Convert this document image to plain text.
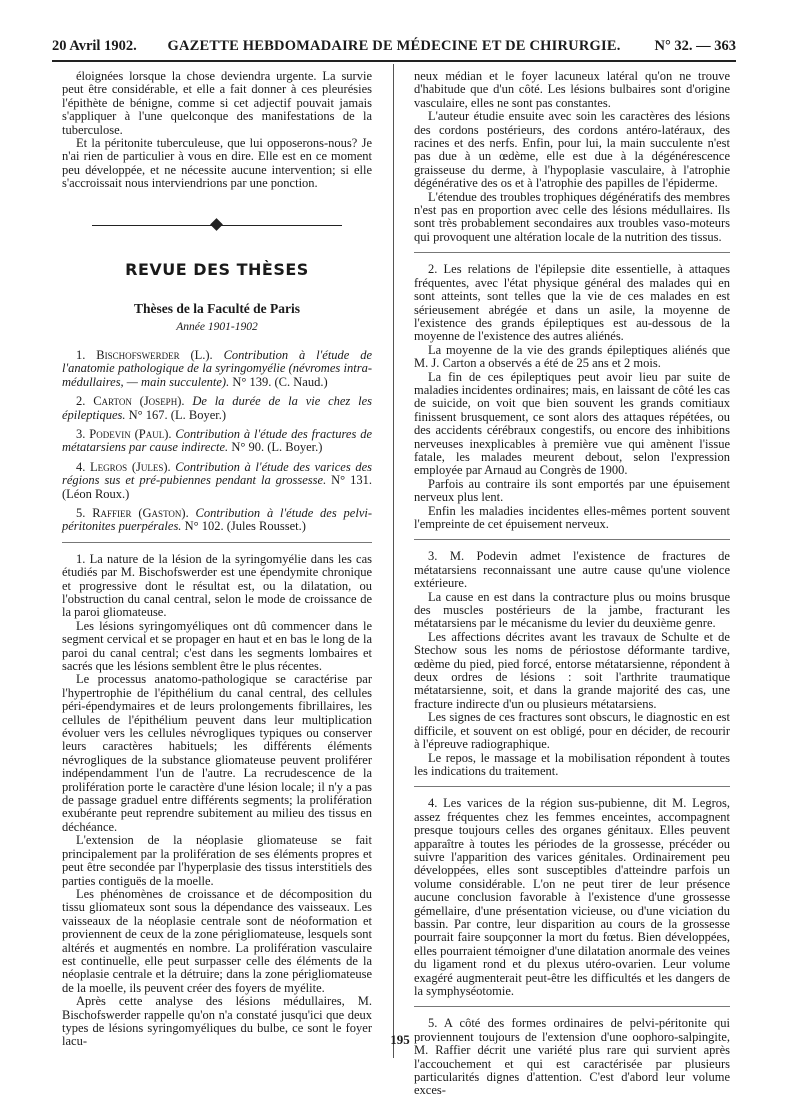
20 Avril 1902.	GAZETTE HEBDOMADAIRE DE MÉDECINE ET DE CHIRURGIE.	N° 32. — 363

éloignées lorsque la chose deviendra urgente. La survie peut être considérable, et elle a fait donner à ces pleurésies l'épithète de bénigne, comme si cet adjectif pouvait jamais s'appliquer à l'une quelconque des manifestations de la tuberculose.

Et la péritonite tuberculeuse, que lui opposerons-nous? Je n'ai rien de particulier à vous en dire. Elle est en ce moment peu développée, et ne nécessite aucune intervention; si elle s'accroissait nous interviendrions par une ponction.

REVUE DES THÈSES
Thèses de la Faculté de Paris
Année 1901-1902

1. Bischofswerder (L.). Contribution à l'étude de l'anatomie pathologique de la syringomyélie (névromes intra-médullaires, — main succulente). N° 139. (C. Naud.)

2. Carton (Joseph). De la durée de la vie chez les épileptiques. N° 167. (L. Boyer.)

3. Podevin (Paul). Contribution à l'étude des fractures de métatarsiens par cause indirecte. N° 90. (L. Boyer.)

4. Legros (Jules). Contribution à l'étude des varices des régions sus et pré-pubiennes pendant la grossesse. N° 131. (Léon Roux.)

5. Raffier (Gaston). Contribution à l'étude des pelvi-péritonites puerpérales. N° 102. (Jules Rousset.)

1. La nature de la lésion de la syringomyélie dans les cas étudiés par M. Bischofswerder est une épendymite chronique et progressive dont le résultat est, ou la dilatation, ou l'obstruction du canal central, selon le mode de croissance de la paroi gliomateuse.

Les lésions syringomyéliques ont dû commencer dans le segment cervical et se propager en haut et en bas le long de la paroi du canal central; c'est dans les segments lombaires et sacrés que les lésions semblent être le plus récentes.

Le processus anatomo-pathologique se caractérise par l'hypertrophie de l'épithélium du canal central, des cellules péri-épendymaires et de leurs prolongements fibrillaires, les cellules de l'épithélium peuvent dans leur multiplication évoluer vers les cellules névrogliques typiques ou conserver leurs caractères habituels; les différents éléments névrogliques de la substance gliomateuse peuvent proliférer indépendamment l'un de l'autre. La recrudescence de la prolifération porte le caractère d'une lésion locale; il n'y a pas de passage graduel entre différents segments; la prolifération exubérante peut reprendre subitement au milieu des tissus en déchéance.

L'extension de la néoplasie gliomateuse se fait principalement par la prolifération de ses éléments propres et peut être secondée par l'hyperplasie des tissus interstitiels des parties contiguës de la moelle.

Les phénomènes de croissance et de décomposition du tissu gliomateux sont sous la dépendance des vaisseaux. Les vaisseaux de la néoplasie centrale sont de néoformation et proviennent de ceux de la zone périgliomateuse, lesquels sont altérés et augmentés en nombre. La prolifération vasculaire est continuelle, elle peut surpasser celle des éléments de la néoplasie centrale et la détruire; dans la zone périgliomateuse de la moelle, ils peuvent créer des foyers de myélite.

Après cette analyse des lésions médullaires, M. Bischofswerder rappelle qu'on n'a constaté jusqu'ici que deux types de lésions syringomyéliques du bulbe, ce sont le foyer lacu-

neux médian et le foyer lacuneux latéral qu'on ne trouve d'habitude que d'un côté. Les lésions bulbaires sont d'origine vasculaire, elles ne sont pas constantes.

L'auteur étudie ensuite avec soin les caractères des lésions des cordons postérieurs, des cordons antéro-latéraux, des racines et des nerfs. Enfin, pour lui, la main succulente n'est pas due à un œdème, elle est due à la dégénérescence graisseuse du derme, à l'hypoplasie vasculaire, à l'atrophie dégénérative des os et à l'atrophie des papilles de l'épiderme.

L'étendue des troubles trophiques dégénératifs des membres n'est pas en proportion avec celle des lésions médullaires. Ils sont très probablement secondaires aux troubles vaso-moteurs qui provoquent une altération locale de la nutrition des tissus.

2. Les relations de l'épilepsie dite essentielle, à attaques fréquentes, avec l'état physique général des malades qui en sont atteints, sont telles que la vie de ces malades en est sérieusement abrégée et dans un asile, la moyenne de l'existence des grands épileptiques est au-dessous de la moyenne de l'existence des autres aliénés.

La moyenne de la vie des grands épileptiques aliénés que M. J. Carton a observés a été de 25 ans et 2 mois.

La fin de ces épileptiques peut avoir lieu par suite de maladies incidentes ordinaires; mais, en laissant de côté les cas de suicide, on voit que bien souvent les grands comitiaux finissent brusquement, ce sont alors des attaques répétées, ou des accidents cérébraux congestifs, ou encore des inhibitions nerveuses inexplicables à première vue qui amènent l'issue fatale, les malades meurent debout, selon l'expression employée par Arnaud au Congrès de 1900.

Parfois au contraire ils sont emportés par une épuisement nerveux plus lent.

Enfin les maladies incidentes elles-mêmes portent souvent l'empreinte de cet épuisement nerveux.

3. M. Podevin admet l'existence de fractures de métatarsiens reconnaissant une autre cause qu'une violence extérieure.

La cause en est dans la contracture plus ou moins brusque des muscles postérieurs de la jambe, fracturant les métatarsiens par le mécanisme du levier du deuxième genre.

Les affections décrites avant les travaux de Schulte et de Stechow sous les noms de périostose déformante tardive, œdème du pied, pied forcé, entorse métatarsienne, répondent à deux ordres de lésions : soit l'arthrite traumatique métatarsienne, soit, et dans la grande majorité des cas, une fracture indirecte d'un ou plusieurs métatarsiens.

Les signes de ces fractures sont obscurs, le diagnostic en est difficile, et souvent on est obligé, pour en décider, de recourir à l'épreuve radiographique.

Le repos, le massage et la mobilisation répondent à toutes les indications du traitement.

4. Les varices de la région sus-pubienne, dit M. Legros, assez fréquentes chez les femmes enceintes, accompagnent presque toujours celles des organes génitaux. Elles peuvent apparaître à toutes les périodes de la grossesse, précéder ou suivre l'apparition des varices génitales. Ordinairement peu développées, elles sont susceptibles d'atteindre parfois un volume considérable. L'on ne peut tirer de leur présence aucune conclusion favorable à l'existence d'une grossesse gémellaire, d'une présentation vicieuse, ou d'une viciation du bassin. Par contre, leur disparition au cours de la grossesse pourrait faire soupçonner la mort du fœtus. Bien développées, elles pourraient témoigner d'une dilatation anormale des veines du ligament rond et du plexus utéro-ovarien. Leur volume exagéré augmenterait peut-être les difficultés et les dangers de la symphyséotomie.

5. A côté des formes ordinaires de pelvi-péritonite qui proviennent toujours de l'extension d'une oophoro-salpingite, M. Raffier décrit une variété plus rare qui survient après l'accouchement et qui est caractérisée par plusieurs particularités dignes d'attention. C'est d'abord leur volume exces-

195
